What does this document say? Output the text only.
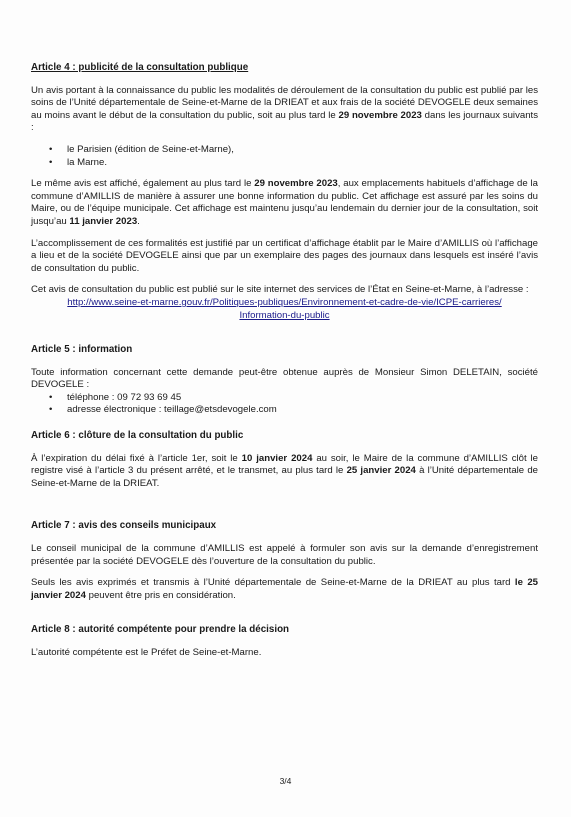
Article 4 : publicité de la consultation publique

Un avis portant à la connaissance du public les modalités de déroulement de la consultation du public est publié par les soins de l’Unité départementale de Seine-et-Marne de la DRIEAT et aux frais de la société DEVOGELE deux semaines au moins avant le début de la consultation du public, soit au plus tard le 29 novembre 2023 dans les journaux suivants :

• le Parisien (édition de Seine-et-Marne),
• la Marne.

Le même avis est affiché, également au plus tard le 29 novembre 2023, aux emplacements habituels d’affichage de la commune d’AMILLIS de manière à assurer une bonne information du public. Cet affichage est assuré par les soins du Maire, ou de l’équipe municipale. Cet affichage est maintenu jusqu’au lendemain du dernier jour de la consultation, soit jusqu’au 11 janvier 2023.

L’accomplissement de ces formalités est justifié par un certificat d’affichage établit par le Maire d’AMILLIS où l’affichage a lieu et de la société DEVOGELE ainsi que par un exemplaire des pages des journaux dans lesquels est inséré l’avis de consultation du public.

Cet avis de consultation du public est publié sur le site internet des services de l’État en Seine-et-Marne, à l’adresse :

http://www.seine-et-marne.gouv.fr/Politiques-publiques/Environnement-et-cadre-de-vie/ICPE-carrieres/
Information-du-public
Article 5 : information

Toute information concernant cette demande peut-être obtenue auprès de Monsieur Simon DELETAIN, société DEVOGELE :

• téléphone : 09 72 93 69 45
• adresse électronique : teillage@etsdevogele.com
Article 6 : clôture de la consultation du public

À l’expiration du délai fixé à l’article 1er, soit le 10 janvier 2024 au soir, le Maire de la commune d’AMILLIS clôt le registre visé à l’article 3 du présent arrêté, et le transmet, au plus tard le 25 janvier 2024 à l’Unité départementale de Seine-et-Marne de la DRIEAT.

Article 7 : avis des conseils municipaux

Le conseil municipal de la commune d’AMILLIS est appelé à formuler son avis sur la demande d’enregistrement présentée par la société DEVOGELE dès l’ouverture de la consultation du public.

Seuls les avis exprimés et transmis à l’Unité départementale de Seine-et-Marne de la DRIEAT au plus tard le 25 janvier 2024 peuvent être pris en considération.

Article 8 : autorité compétente pour prendre la décision

L’autorité compétente est le Préfet de Seine-et-Marne.

3/4
